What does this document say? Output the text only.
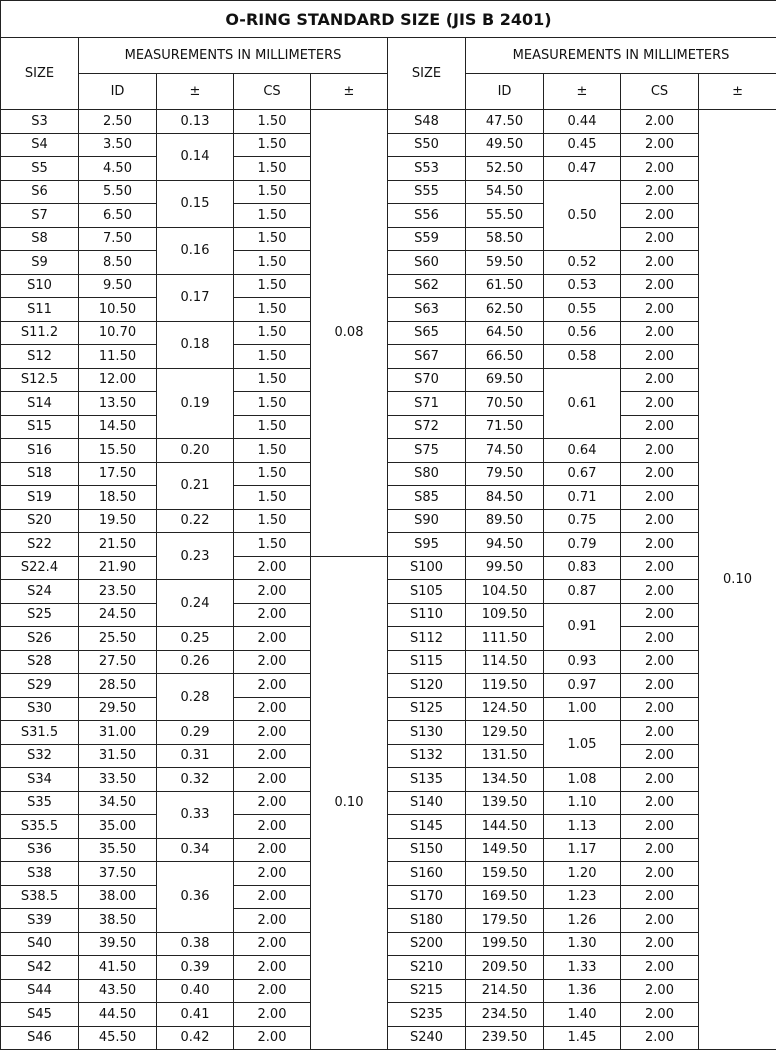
O-RING STANDARD SIZE (JIS B 2401)									
SIZE	MEASUREMENTS IN MILLIMETERS				SIZE	MEASUREMENTS IN MILLIMETERS			
	ID	±	CS	±		ID	±	CS	±
S3	2.50	0.13	1.50	0.08	S48	47.50	0.44	2.00	0.10
S4	3.50	0.14	1.50		S50	49.50	0.45	2.00	
S5	4.50		1.50		S53	52.50	0.47	2.00	
S6	5.50	0.15	1.50		S55	54.50	0.50	2.00	
S7	6.50		1.50		S56	55.50		2.00	
S8	7.50	0.16	1.50		S59	58.50		2.00	
S9	8.50		1.50		S60	59.50	0.52	2.00	
S10	9.50	0.17	1.50		S62	61.50	0.53	2.00	
S11	10.50		1.50		S63	62.50	0.55	2.00	
S11.2	10.70	0.18	1.50		S65	64.50	0.56	2.00	
S12	11.50		1.50		S67	66.50	0.58	2.00	
S12.5	12.00	0.19	1.50		S70	69.50	0.61	2.00	
S14	13.50		1.50		S71	70.50		2.00	
S15	14.50		1.50		S72	71.50		2.00	
S16	15.50	0.20	1.50		S75	74.50	0.64	2.00	
S18	17.50	0.21	1.50		S80	79.50	0.67	2.00	
S19	18.50		1.50		S85	84.50	0.71	2.00	
S20	19.50	0.22	1.50		S90	89.50	0.75	2.00	
S22	21.50	0.23	1.50		S95	94.50	0.79	2.00	
S22.4	21.90		2.00	0.10	S100	99.50	0.83	2.00	
S24	23.50	0.24	2.00		S105	104.50	0.87	2.00	
S25	24.50		2.00		S110	109.50	0.91	2.00	
S26	25.50	0.25	2.00		S112	111.50		2.00	
S28	27.50	0.26	2.00		S115	114.50	0.93	2.00	
S29	28.50	0.28	2.00		S120	119.50	0.97	2.00	
S30	29.50		2.00		S125	124.50	1.00	2.00	
S31.5	31.00	0.29	2.00		S130	129.50	1.05	2.00	
S32	31.50	0.31	2.00		S132	131.50		2.00	
S34	33.50	0.32	2.00		S135	134.50	1.08	2.00	
S35	34.50	0.33	2.00		S140	139.50	1.10	2.00	
S35.5	35.00		2.00		S145	144.50	1.13	2.00	
S36	35.50	0.34	2.00		S150	149.50	1.17	2.00	
S38	37.50	0.36	2.00		S160	159.50	1.20	2.00	
S38.5	38.00		2.00		S170	169.50	1.23	2.00	
S39	38.50		2.00		S180	179.50	1.26	2.00	
S40	39.50	0.38	2.00		S200	199.50	1.30	2.00	
S42	41.50	0.39	2.00		S210	209.50	1.33	2.00	
S44	43.50	0.40	2.00		S215	214.50	1.36	2.00	
S45	44.50	0.41	2.00		S235	234.50	1.40	2.00	
S46	45.50	0.42	2.00		S240	239.50	1.45	2.00	
